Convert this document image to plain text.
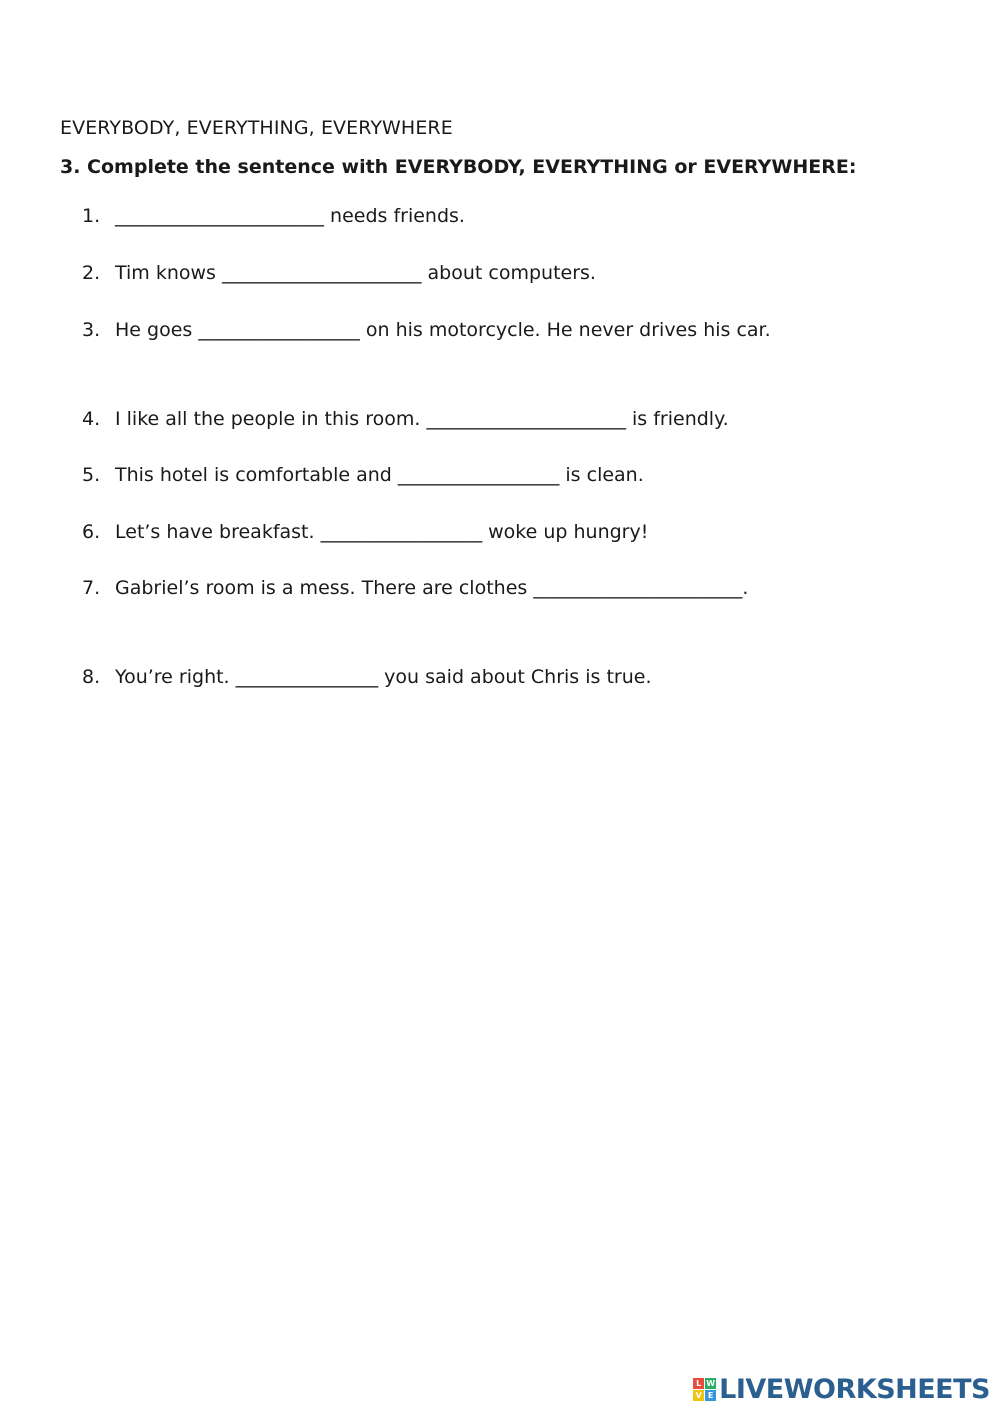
EVERYBODY, EVERYTHING, EVERYWHERE
3. Complete the sentence with EVERYBODY, EVERYTHING or EVERYWHERE:
1. ______________________ needs friends.
2. Tim knows _____________________ about computers.
3. He goes _________________ on his motorcycle. He never drives his car.
4. I like all the people in this room. _____________________ is friendly.
5. This hotel is comfortable and _________________ is clean.
6. Let’s have breakfast. _________________ woke up hungry!
7. Gabriel’s room is a mess. There are clothes ______________________.
8. You’re right. _______________ you said about Chris is true.
L W
V E LIVEWORKSHEETS
